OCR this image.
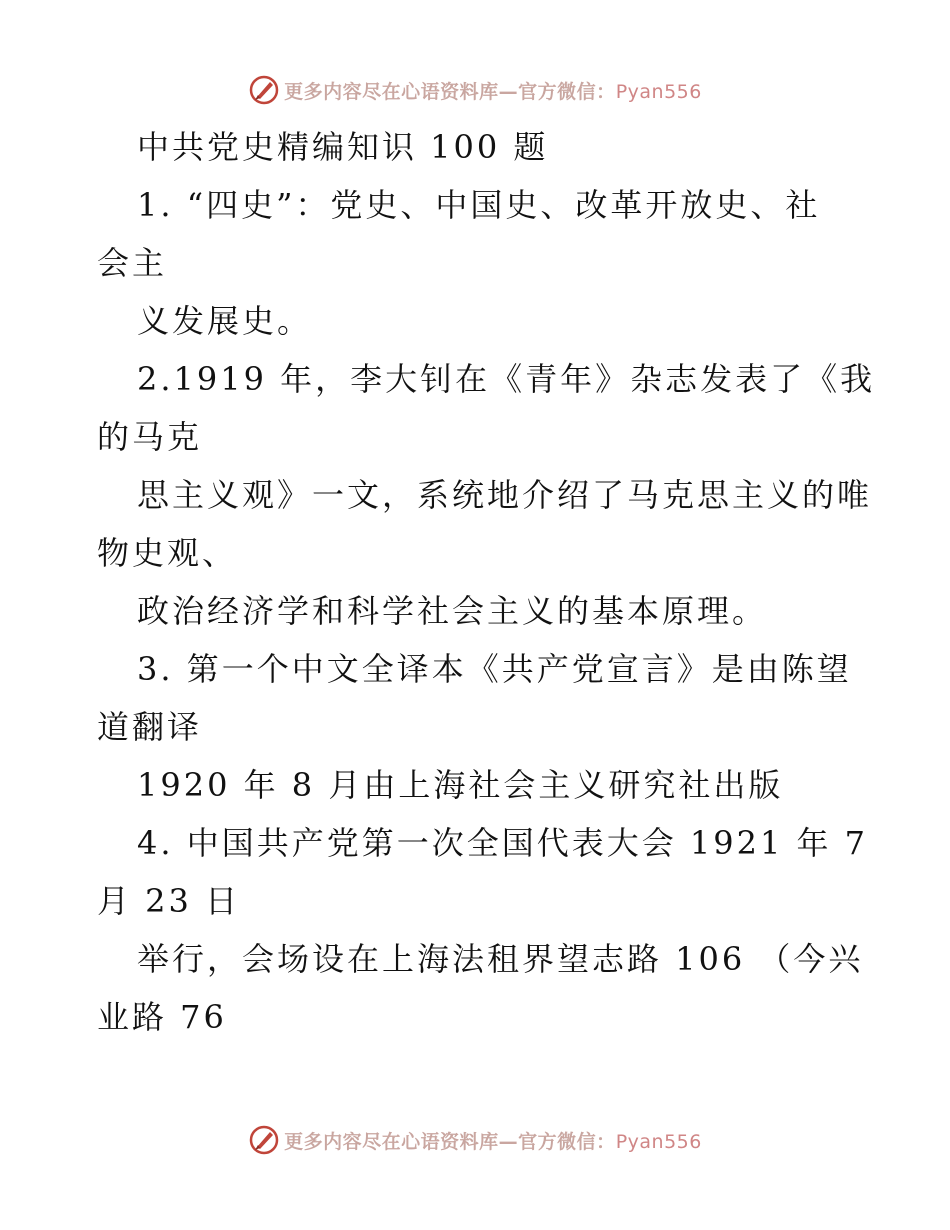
更多内容尽在心语资料库—官方微信：Pyan556
中共党史精编知识 100 题
1. “四史”：党史、中国史、改革开放史、社
会主
义发展史。
2.1919 年，李大钊在《青年》杂志发表了《我
的马克
思主义观》一文，系统地介绍了马克思主义的唯
物史观、
政治经济学和科学社会主义的基本原理。
3. 第一个中文全译本《共产党宣言》是由陈望
道翻译
1920 年 8 月由上海社会主义研究社出版
4. 中国共产党第一次全国代表大会 1921 年 7
月 23 日
举行，会场设在上海法租界望志路 106 （今兴
业路 76
更多内容尽在心语资料库—官方微信：Pyan556
